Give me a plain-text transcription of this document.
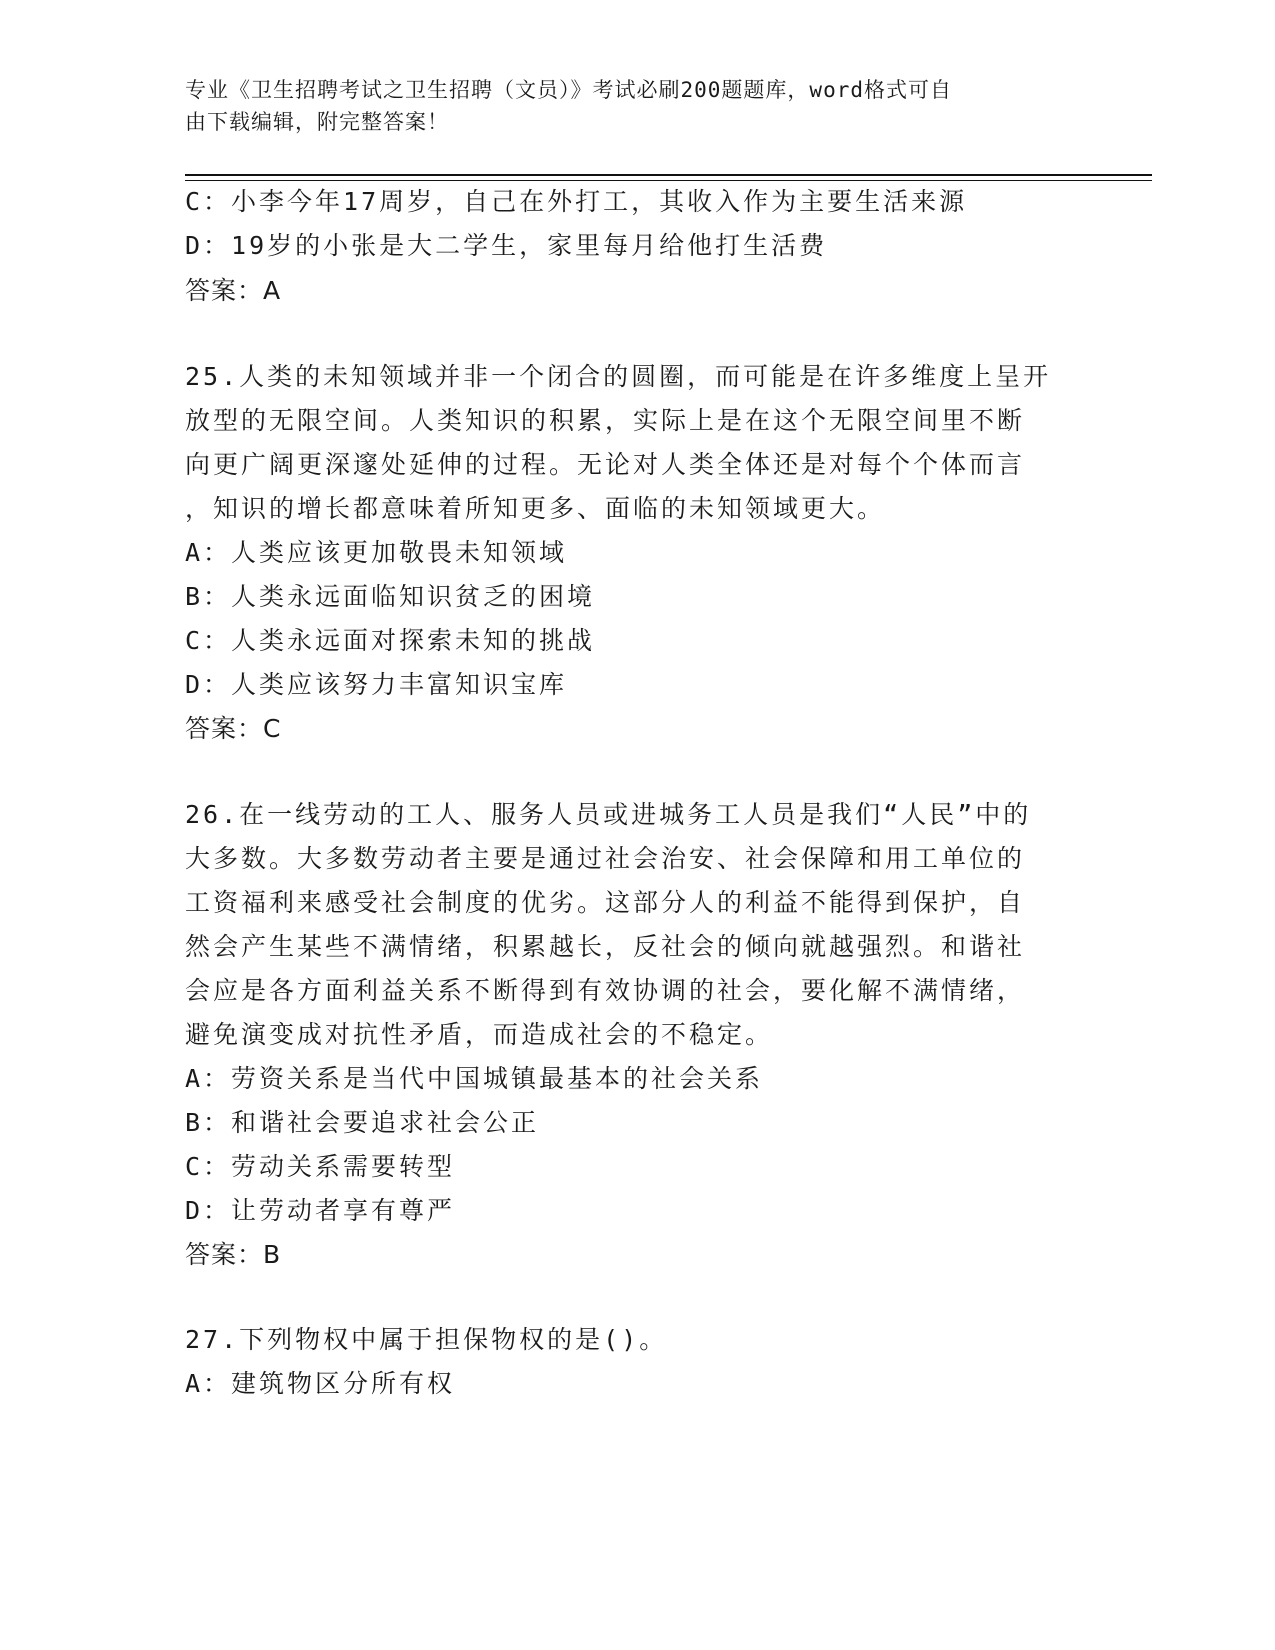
专业《卫生招聘考试之卫生招聘（文员）》考试必刷200题题库，word格式可自
由下载编辑，附完整答案！
C：小李今年17周岁，自己在外打工，其收入作为主要生活来源
D：19岁的小张是大二学生，家里每月给他打生活费
答案：A
25.人类的未知领域并非一个闭合的圆圈，而可能是在许多维度上呈开
放型的无限空间。人类知识的积累，实际上是在这个无限空间里不断
向更广阔更深邃处延伸的过程。无论对人类全体还是对每个个体而言
，知识的增长都意味着所知更多、面临的未知领域更大。
A：人类应该更加敬畏未知领域
B：人类永远面临知识贫乏的困境
C：人类永远面对探索未知的挑战
D：人类应该努力丰富知识宝库
答案：C
26.在一线劳动的工人、服务人员或进城务工人员是我们“人民”中的
大多数。大多数劳动者主要是通过社会治安、社会保障和用工单位的
工资福利来感受社会制度的优劣。这部分人的利益不能得到保护，自
然会产生某些不满情绪，积累越长，反社会的倾向就越强烈。和谐社
会应是各方面利益关系不断得到有效协调的社会，要化解不满情绪，
避免演变成对抗性矛盾，而造成社会的不稳定。
A：劳资关系是当代中国城镇最基本的社会关系
B：和谐社会要追求社会公正
C：劳动关系需要转型
D：让劳动者享有尊严
答案：B
27.下列物权中属于担保物权的是()。
A：建筑物区分所有权
